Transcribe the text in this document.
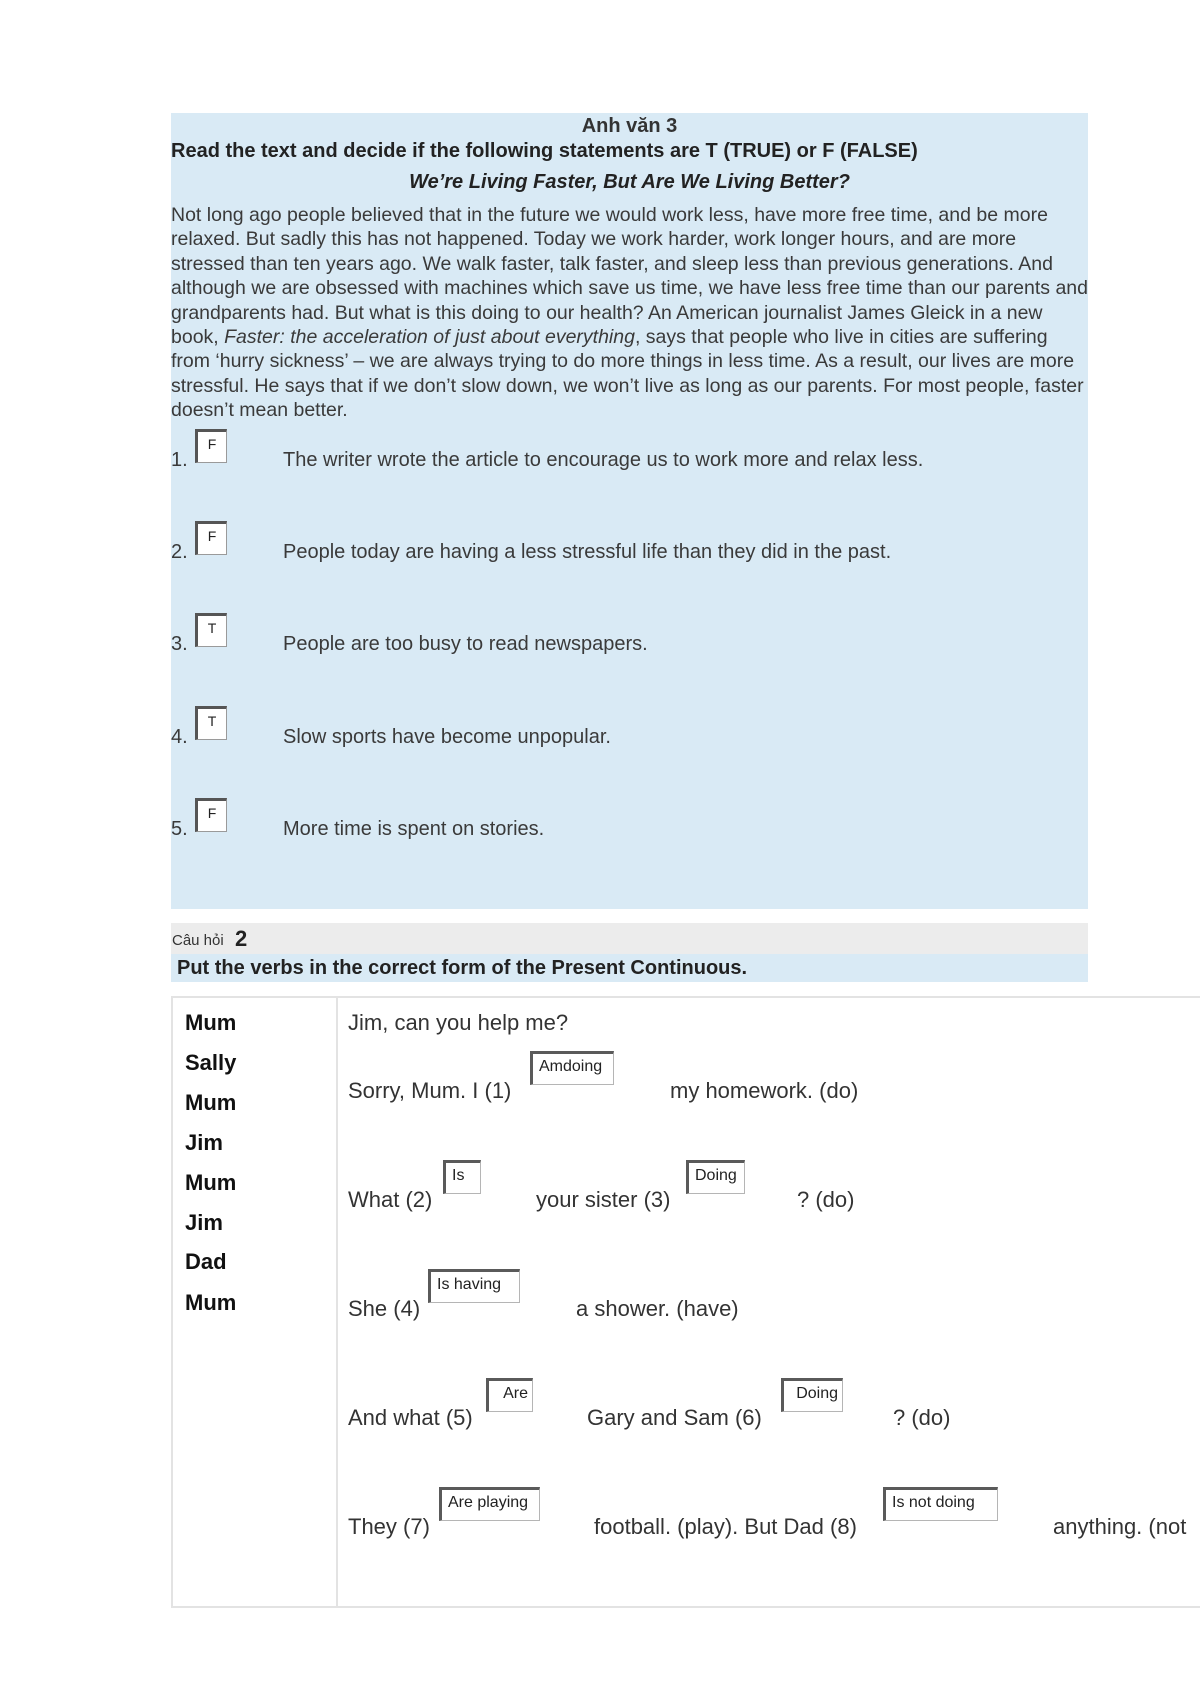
Anh văn 3
Read the text and decide if the following statements are T (TRUE) or F (FALSE)
We’re Living Faster, But Are We Living Better?
Not long ago people believed that in the future we would work less, have more free time, and be more relaxed. But sadly this has not happened. Today we work harder, work longer hours, and are more stressed than ten years ago. We walk faster, talk faster, and sleep less than previous generations. And although we are obsessed with machines which save us time, we have less free time than our parents and grandparents had. But what is this doing to our health? An American journalist James Gleick in a new book, Faster: the acceleration of just about everything, says that people who live in cities are suffering from ‘hurry sickness’ – we are always trying to do more things in less time. As a result, our lives are more stressful. He says that if we don’t slow down, we won’t live as long as our parents. For most people, faster doesn’t mean better.
1.
F
The writer wrote the article to encourage us to work more and relax less.
2.
F
People today are having a less stressful life than they did in the past.
3.
T
People are too busy to read newspapers.
4.
T
Slow sports have become unpopular.
5.
F
More time is spent on stories.
Câu hỏi 2
Put the verbs in the correct form of the Present Continuous.
Mum
Sally
Mum
Jim
Mum
Jim
Dad
Mum
Jim, can you help me?
Sorry, Mum. I (1)
Amdoing
my homework. (do)
What (2)
Is
your sister (3)
Doing
? (do)
She (4)
Is having
a shower. (have)
And what (5)
Are
Gary and Sam (6)
Doing
? (do)
They (7)
Are playing
football. (play). But Dad (8)
Is not doing
anything. (not
